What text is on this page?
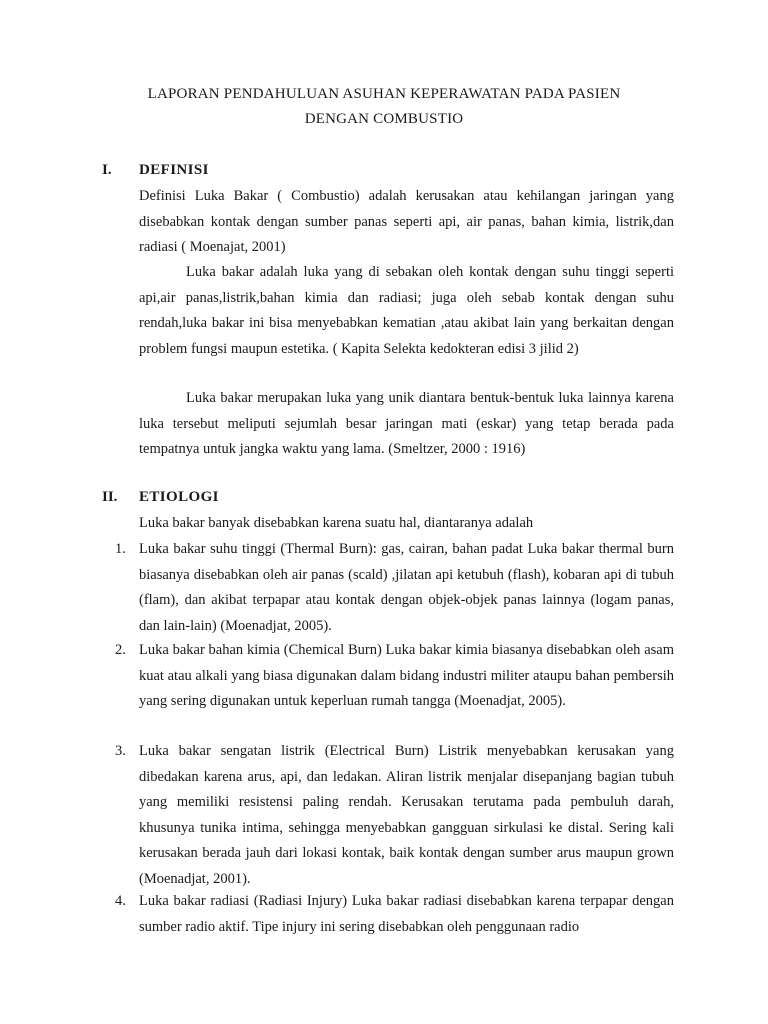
LAPORAN PENDAHULUAN ASUHAN KEPERAWATAN PADA PASIEN
DENGAN COMBUSTIO
I. DEFINISI

Definisi Luka Bakar ( Combustio) adalah kerusakan atau kehilangan jaringan yang disebabkan kontak dengan sumber panas seperti api, air panas, bahan kimia, listrik,dan radiasi ( Moenajat, 2001)

Luka bakar adalah luka yang di sebakan oleh kontak dengan suhu tinggi seperti api,air panas,listrik,bahan kimia dan radiasi; juga oleh sebab kontak dengan suhu rendah,luka bakar ini bisa menyebabkan kematian ,atau akibat lain yang berkaitan dengan problem fungsi maupun estetika. ( Kapita Selekta kedokteran edisi 3 jilid 2)

Luka bakar merupakan luka yang unik diantara bentuk-bentuk luka lainnya karena luka tersebut meliputi sejumlah besar jaringan mati (eskar) yang tetap berada pada tempatnya untuk jangka waktu yang lama. (Smeltzer, 2000 : 1916)

II. ETIOLOGI

Luka bakar banyak disebabkan karena suatu hal, diantaranya adalah

1. Luka bakar suhu tinggi (Thermal Burn): gas, cairan, bahan padat Luka bakar thermal burn biasanya disebabkan oleh air panas (scald) ,jilatan api ketubuh (flash), kobaran api di tubuh (flam), dan akibat terpapar atau kontak dengan objek-objek panas lainnya (logam panas, dan lain-lain) (Moenadjat, 2005).

2. Luka bakar bahan kimia (Chemical Burn) Luka bakar kimia biasanya disebabkan oleh asam kuat atau alkali yang biasa digunakan dalam bidang industri militer ataupu bahan pembersih yang sering digunakan untuk keperluan rumah tangga (Moenadjat, 2005).

3. Luka bakar sengatan listrik (Electrical Burn) Listrik menyebabkan kerusakan yang dibedakan karena arus, api, dan ledakan. Aliran listrik menjalar disepanjang bagian tubuh yang memiliki resistensi paling rendah. Kerusakan terutama pada pembuluh darah, khusunya tunika intima, sehingga menyebabkan gangguan sirkulasi ke distal. Sering kali kerusakan berada jauh dari lokasi kontak, baik kontak dengan sumber arus maupun grown (Moenadjat, 2001).

4. Luka bakar radiasi (Radiasi Injury) Luka bakar radiasi disebabkan karena terpapar dengan sumber radio aktif. Tipe injury ini sering disebabkan oleh penggunaan radio
